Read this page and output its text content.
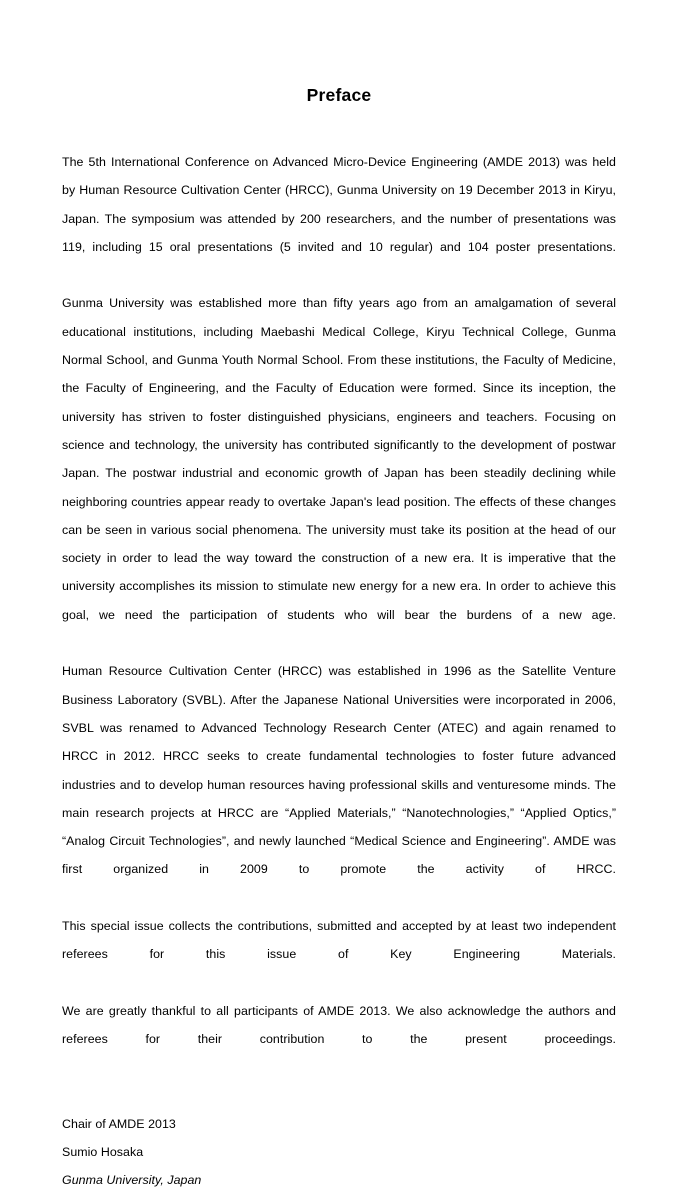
Preface

The 5th International Conference on Advanced Micro-Device Engineering (AMDE 2013) was held by Human Resource Cultivation Center (HRCC), Gunma University on 19 December 2013 in Kiryu, Japan. The symposium was attended by 200 researchers, and the number of presentations was 119, including 15 oral presentations (5 invited and 10 regular) and 104 poster presentations.

Gunma University was established more than fifty years ago from an amalgamation of several educational institutions, including Maebashi Medical College, Kiryu Technical College, Gunma Normal School, and Gunma Youth Normal School. From these institutions, the Faculty of Medicine, the Faculty of Engineering, and the Faculty of Education were formed. Since its inception, the university has striven to foster distinguished physicians, engineers and teachers. Focusing on science and technology, the university has contributed significantly to the development of postwar Japan. The postwar industrial and economic growth of Japan has been steadily declining while neighboring countries appear ready to overtake Japan's lead position. The effects of these changes can be seen in various social phenomena. The university must take its position at the head of our society in order to lead the way toward the construction of a new era. It is imperative that the university accomplishes its mission to stimulate new energy for a new era. In order to achieve this goal, we need the participation of students who will bear the burdens of a new age.

Human Resource Cultivation Center (HRCC) was established in 1996 as the Satellite Venture Business Laboratory (SVBL). After the Japanese National Universities were incorporated in 2006, SVBL was renamed to Advanced Technology Research Center (ATEC) and again renamed to HRCC in 2012. HRCC seeks to create fundamental technologies to foster future advanced industries and to develop human resources having professional skills and venturesome minds. The main research projects at HRCC are “Applied Materials,” “Nanotechnologies,” “Applied Optics,” “Analog Circuit Technologies”, and newly launched “Medical Science and Engineering”. AMDE was first organized in 2009 to promote the activity of HRCC.

This special issue collects the contributions, submitted and accepted by at least two independent referees for this issue of Key Engineering Materials.

We are greatly thankful to all participants of AMDE 2013. We also acknowledge the authors and referees for their contribution to the present proceedings.

Chair of AMDE 2013

Sumio Hosaka

Gunma University, Japan
